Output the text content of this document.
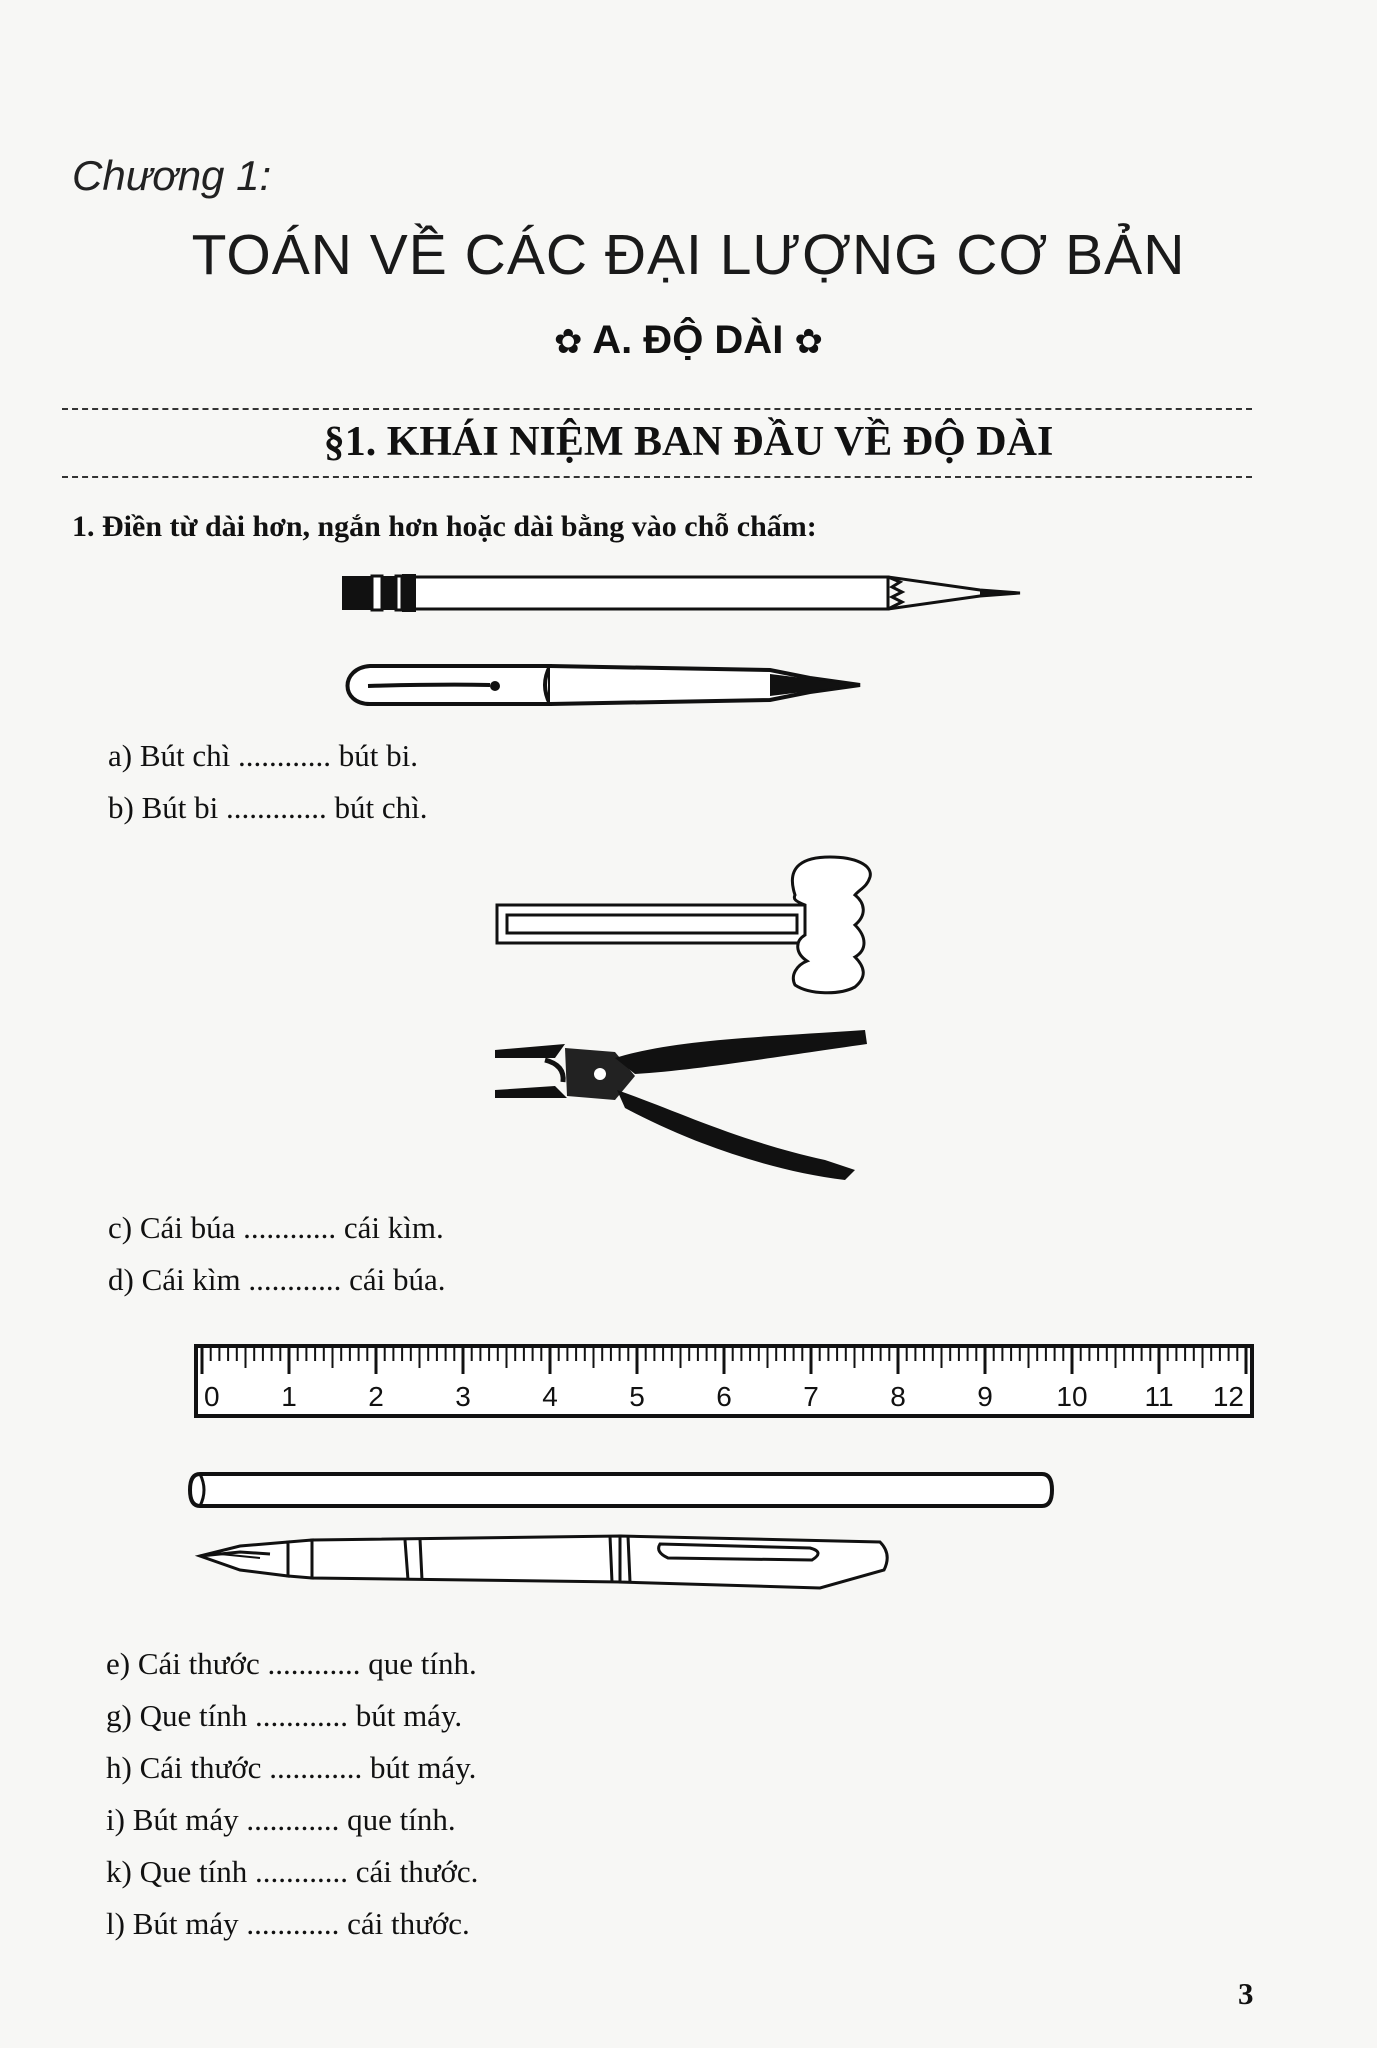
Chương 1:
TOÁN VỀ CÁC ĐẠI LƯỢNG CƠ BẢN
✿ A. ĐỘ DÀI ✿
§1. KHÁI NIỆM BAN ĐẦU VỀ ĐỘ DÀI
1. Điền từ dài hơn, ngắn hơn hoặc dài bằng vào chỗ chấm:
a) Bút chì ............ bút bi.
b) Bút bi ............. bút chì.
c) Cái búa ............ cái kìm.
d) Cái kìm ............ cái búa.
0 1	2	3	4	5	6	7	8	9 10 11 12
e) Cái thước ............ que tính.
g) Que tính ............ bút máy.
h) Cái thước ............ bút máy.
i) Bút máy ............ que tính.
k) Que tính ............ cái thước.
l) Bút máy ............ cái thước.
3
